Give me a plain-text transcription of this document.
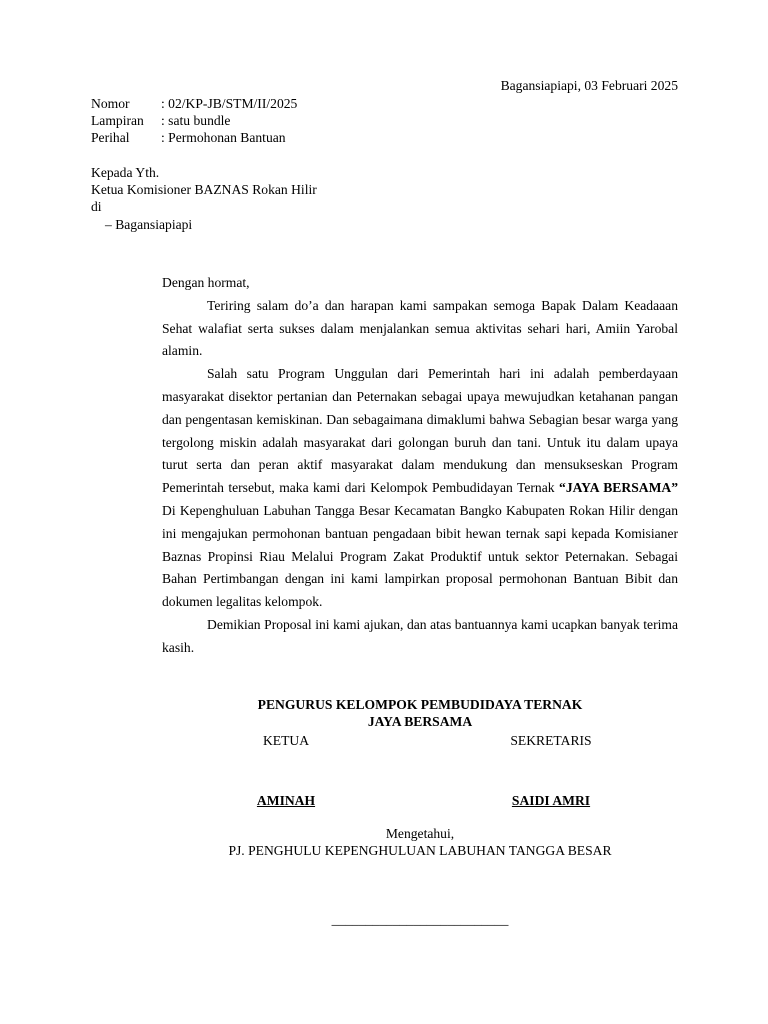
Bagansiapiapi, 03 Februari 2025
Nomor : 02/KP-JB/STM/II/2025
Lampiran : satu bundle
Perihal : Permohonan Bantuan
Kepada Yth.
Ketua Komisioner BAZNAS Rokan Hilir
di
– Bagansiapiapi

Dengan hormat,

Teriring salam do’a dan harapan kami sampakan semoga Bapak Dalam Keadaaan Sehat walafiat serta sukses dalam menjalankan semua aktivitas sehari hari, Amiin Yarobal alamin.

Salah satu Program Unggulan dari Pemerintah hari ini adalah pemberdayaan masyarakat disektor pertanian dan Peternakan sebagai upaya mewujudkan ketahanan pangan dan pengentasan kemiskinan. Dan sebagaimana dimaklumi bahwa Sebagian besar warga yang tergolong miskin adalah masyarakat dari golongan buruh dan tani. Untuk itu dalam upaya turut serta dan peran aktif masyarakat dalam mendukung dan mensukseskan Program Pemerintah tersebut, maka kami dari Kelompok Pembudidayan Ternak “JAYA BERSAMA” Di Kepenghuluan Labuhan Tangga Besar Kecamatan Bangko Kabupaten Rokan Hilir dengan ini mengajukan permohonan bantuan pengadaan bibit hewan ternak sapi kepada Komisianer Baznas Propinsi Riau Melalui Program Zakat Produktif untuk sektor Peternakan. Sebagai Bahan Pertimbangan dengan ini kami lampirkan proposal permohonan Bantuan Bibit dan dokumen legalitas kelompok.

Demikian Proposal ini kami ajukan, dan atas bantuannya kami ucapkan banyak terima kasih.

PENGURUS KELOMPOK PEMBUDIDAYA TERNAK
JAYA BERSAMA
KETUA	SEKRETARIS
AMINAH	SAIDI AMRI
Mengetahui,
PJ. PENGHULU KEPENGHULUAN LABUHAN TANGGA BESAR
__________________________
